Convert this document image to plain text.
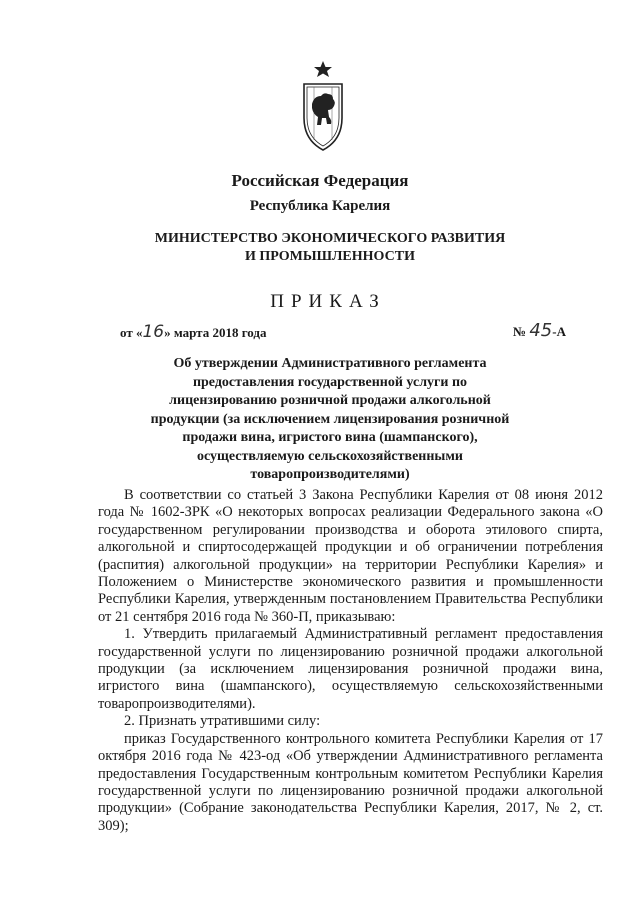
Российская Федерация
Республика Карелия
МИНИСТЕРСТВО ЭКОНОМИЧЕСКОГО РАЗВИТИЯ И ПРОМЫШЛЕННОСТИ
ПРИКАЗ
от «16» марта 2018 года	№ 45-А
Об утверждении Административного регламента предоставления государственной услуги по лицензированию розничной продажи алкогольной продукции (за исключением лицензирования розничной продажи вина, игристого вина (шампанского), осуществляемую сельскохозяйственными товаропроизводителями)

В соответствии со статьей 3 Закона Республики Карелия от 08 июня 2012 года № 1602-ЗРК «О некоторых вопросах реализации Федерального закона «О государственном регулировании производства и оборота этилового спирта, алкогольной и спиртосодержащей продукции и об ограничении потребления (распития) алкогольной продукции» на территории Республики Карелия» и Положением о Министерстве экономического развития и промышленности Республики Карелия, утвержденным постановлением Правительства Республики от 21 сентября 2016 года № 360-П, приказываю:

1. Утвердить прилагаемый Административный регламент предоставления государственной услуги по лицензированию розничной продажи алкогольной продукции (за исключением лицензирования розничной продажи вина, игристого вина (шампанского), осуществляемую сельскохозяйственными товаропроизводителями).

2. Признать утратившими силу:

приказ Государственного контрольного комитета Республики Карелия от 17 октября 2016 года № 423-од «Об утверждении Административного регламента предоставления Государственным контрольным комитетом Республики Карелия государственной услуги по лицензированию розничной продажи алкогольной продукции» (Собрание законодательства Республики Карелия, 2017, № 2, ст. 309);
